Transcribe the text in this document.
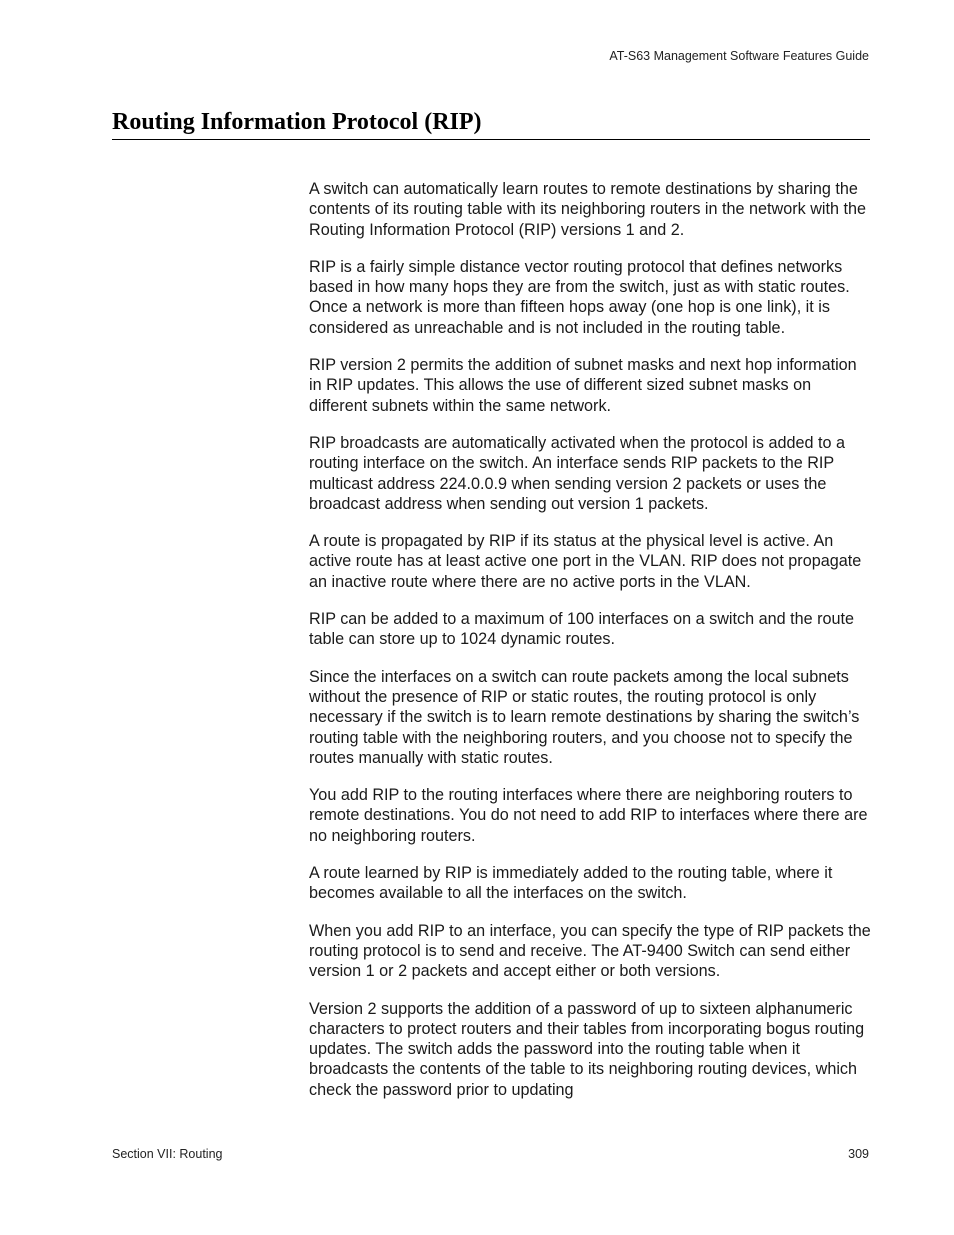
AT-S63 Management Software Features Guide
Routing Information Protocol (RIP)

A switch can automatically learn routes to remote destinations by sharing the contents of its routing table with its neighboring routers in the network with the Routing Information Protocol (RIP) versions 1 and 2.

RIP is a fairly simple distance vector routing protocol that defines networks based in how many hops they are from the switch, just as with static routes. Once a network is more than fifteen hops away (one hop is one link), it is considered as unreachable and is not included in the routing table.

RIP version 2 permits the addition of subnet masks and next hop information in RIP updates. This allows the use of different sized subnet masks on different subnets within the same network.

RIP broadcasts are automatically activated when the protocol is added to a routing interface on the switch. An interface sends RIP packets to the RIP multicast address 224.0.0.9 when sending version 2 packets or uses the broadcast address when sending out version 1 packets.

A route is propagated by RIP if its status at the physical level is active. An active route has at least active one port in the VLAN. RIP does not propagate an inactive route where there are no active ports in the VLAN.

RIP can be added to a maximum of 100 interfaces on a switch and the route table can store up to 1024 dynamic routes.

Since the interfaces on a switch can route packets among the local subnets without the presence of RIP or static routes, the routing protocol is only necessary if the switch is to learn remote destinations by sharing the switch’s routing table with the neighboring routers, and you choose not to specify the routes manually with static routes.

You add RIP to the routing interfaces where there are neighboring routers to remote destinations. You do not need to add RIP to interfaces where there are no neighboring routers.

A route learned by RIP is immediately added to the routing table, where it becomes available to all the interfaces on the switch.

When you add RIP to an interface, you can specify the type of RIP packets the routing protocol is to send and receive. The AT-9400 Switch can send either version 1 or 2 packets and accept either or both versions.

Version 2 supports the addition of a password of up to sixteen alphanumeric characters to protect routers and their tables from incorporating bogus routing updates. The switch adds the password into the routing table when it broadcasts the contents of the table to its neighboring routing devices, which check the password prior to updating

Section VII: Routing	309
